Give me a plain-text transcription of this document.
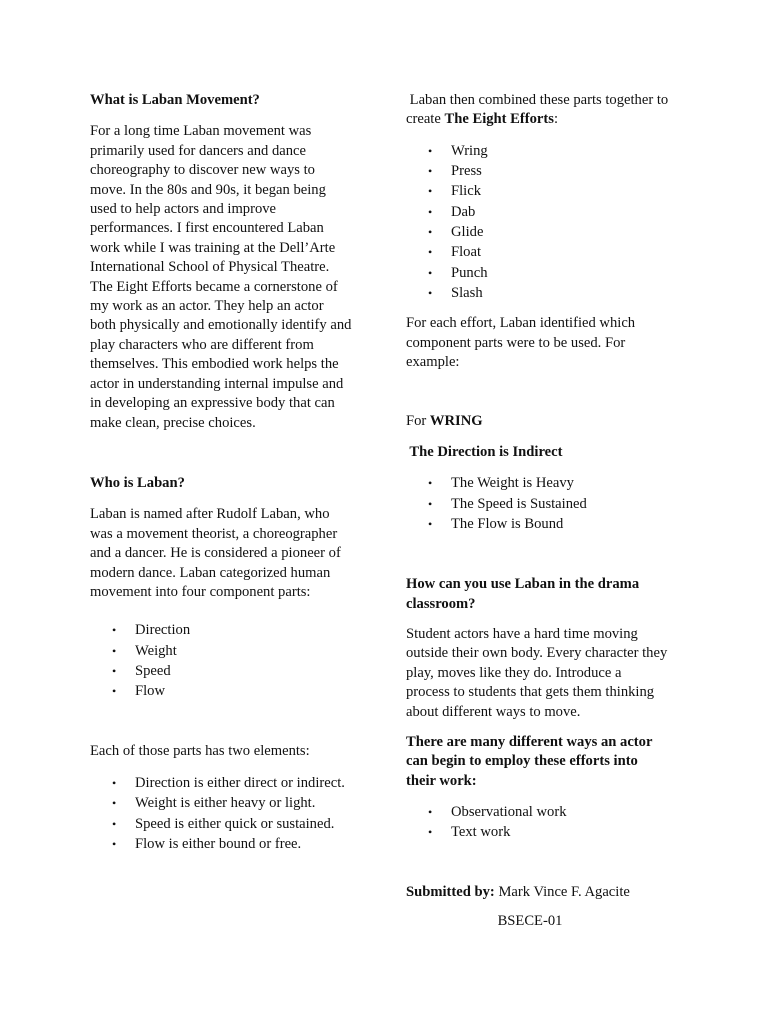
What is Laban Movement?

For a long time Laban movement was
primarily used for dancers and dance
choreography to discover new ways to
move. In the 80s and 90s, it began being
used to help actors and improve
performances. I first encountered Laban
work while I was training at the Dell’Arte
International School of Physical Theatre.
The Eight Efforts became a cornerstone of
my work as an actor. They help an actor
both physically and emotionally identify and
play characters who are different from
themselves. This embodied work helps the
actor in understanding internal impulse and
in developing an expressive body that can
make clean, precise choices.

Who is Laban?

Laban is named after Rudolf Laban, who
was a movement theorist, a choreographer
and a dancer. He is considered a pioneer of
modern dance. Laban categorized human
movement into four component parts:

• Direction
• Weight
• Speed
• Flow

Each of those parts has two elements:

• Direction is either direct or indirect.
• Weight is either heavy or light.
• Speed is either quick or sustained.
• Flow is either bound or free.

Laban then combined these parts together to
create The Eight Efforts:

• Wring
• Press
• Flick
• Dab
• Glide
• Float
• Punch
• Slash

For each effort, Laban identified which
component parts were to be used. For
example:

For WRING

The Direction is Indirect

• The Weight is Heavy
• The Speed is Sustained
• The Flow is Bound

How can you use Laban in the drama
classroom?

Student actors have a hard time moving
outside their own body. Every character they
play, moves like they do. Introduce a
process to students that gets them thinking
about different ways to move.

There are many different ways an actor
can begin to employ these efforts into
their work:

• Observational work
• Text work

Submitted by: Mark Vince F. Agacite

BSECE-01
